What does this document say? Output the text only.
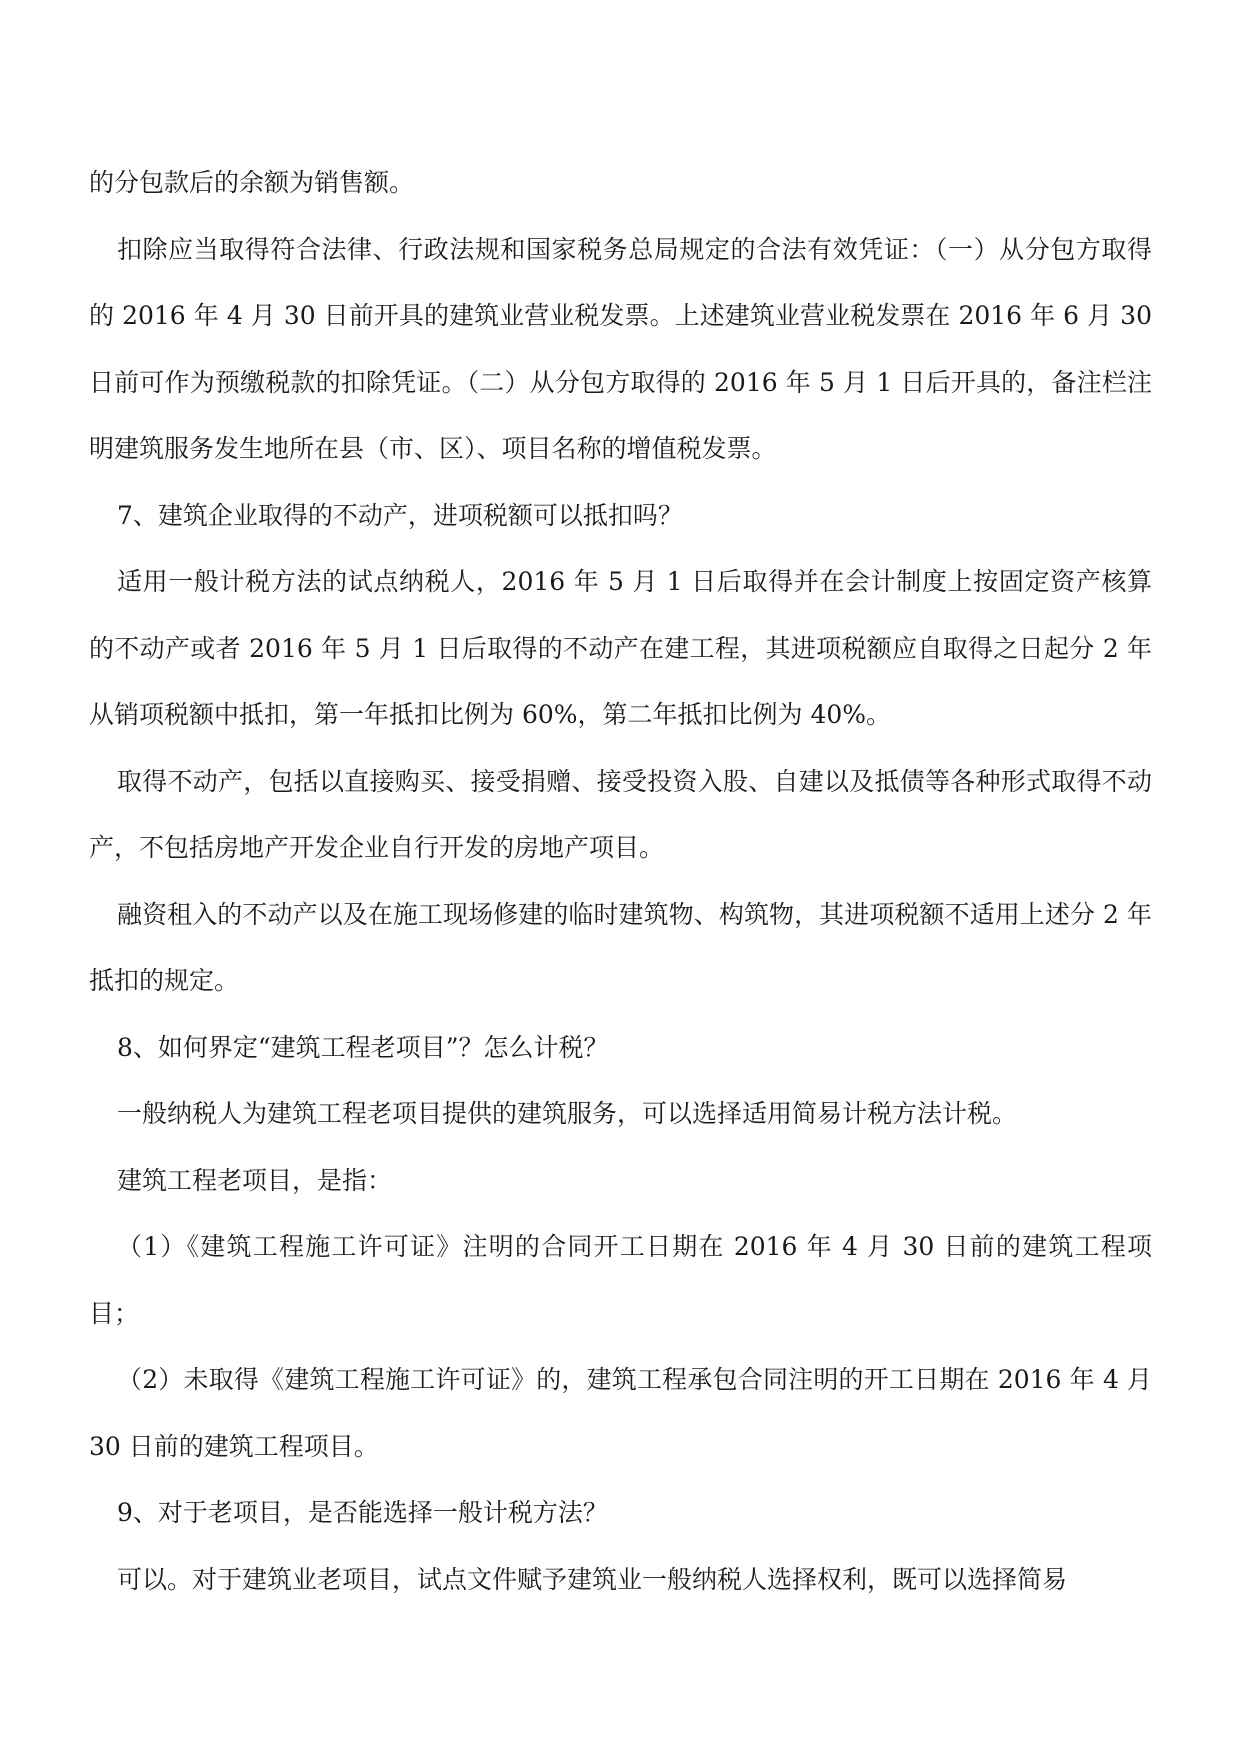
的分包款后的余额为销售额。

扣除应当取得符合法律、行政法规和国家税务总局规定的合法有效凭证：（一）从分包方取得的 2016 年 4 月 30 日前开具的建筑业营业税发票。上述建筑业营业税发票在 2016 年 6 月 30 日前可作为预缴税款的扣除凭证。（二）从分包方取得的 2016 年 5 月 1 日后开具的，备注栏注明建筑服务发生地所在县（市、区）、项目名称的增值税发票。

7、建筑企业取得的不动产，进项税额可以抵扣吗？

适用一般计税方法的试点纳税人，2016 年 5 月 1 日后取得并在会计制度上按固定资产核算的不动产或者 2016 年 5 月 1 日后取得的不动产在建工程，其进项税额应自取得之日起分 2 年从销项税额中抵扣，第一年抵扣比例为 60%，第二年抵扣比例为 40%。

取得不动产，包括以直接购买、接受捐赠、接受投资入股、自建以及抵债等各种形式取得不动产，不包括房地产开发企业自行开发的房地产项目。

融资租入的不动产以及在施工现场修建的临时建筑物、构筑物，其进项税额不适用上述分 2 年抵扣的规定。

8、如何界定“建筑工程老项目”？怎么计税？

一般纳税人为建筑工程老项目提供的建筑服务，可以选择适用简易计税方法计税。

建筑工程老项目，是指：

（1）《建筑工程施工许可证》注明的合同开工日期在 2016 年 4 月 30 日前的建筑工程项目；

（2）未取得《建筑工程施工许可证》的，建筑工程承包合同注明的开工日期在 2016 年 4 月 30 日前的建筑工程项目。

9、对于老项目，是否能选择一般计税方法？

可以。对于建筑业老项目，试点文件赋予建筑业一般纳税人选择权利，既可以选择简易
